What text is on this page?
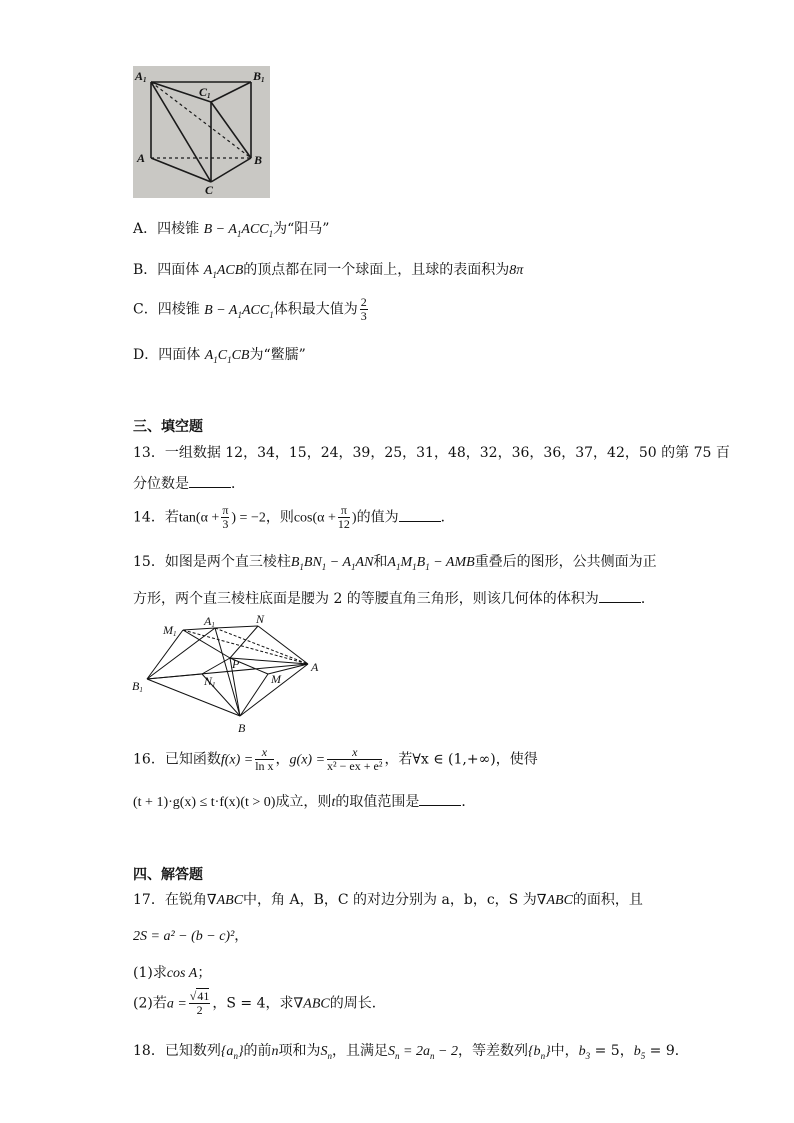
A1	B1
C1
A	B
C
A．四棱锥 $B - A_1ACC_1$为“阳马”
B．四面体 $A_1ACB$的顶点都在同一个球面上，且球的表面积为8π
C．四棱锥 $B - A_1ACC_1$体积最大值为 $\frac{2}{3}$
D．四面体 $A_1C_1CB$为“鳖臑”
三、填空题
13．一组数据 12，34，15，24，39，25，31，48，32，36，36，37，42，50 的第 75 百
分位数是	．
14．若$\tan(\alpha + \frac{\pi}{3}$ ) = −2，则$\cos(\alpha + \frac{\pi}{12}$ )的值为	．
15．如图是两个直三棱柱$B_1BN_1 - A_1AN$和$A_1M_1B_1$ − AMB重叠后的图形，公共侧面为正
方形，两个直三棱柱底面是腰为 2 的等腰直角三角形，则该几何体的体积为	．
M1
A1	N
P	A
M
N1
B1
B
16．已知函数$f(x) = \frac{x}{\text{ln x}}$ ，$g(x) = \frac{x}{\text{x² − ex + e²}}$ ，若∀x ∈ (1,+∞)，使得
(t + 1)·g(x) ≤ t·f(x)(t > 0)成立，则t的取值范围是	．
四、解答题
17．在锐角∇ABC中，角 A，B，C 的对边分别为 a，b，c，S 为∇ABC的面积，且
2S = a² − (b − c)²，
(1)求cos A；
(2)若$a = \frac{√41}{2}$ ，S = 4，求∇ABC的周长．
18．已知数列$\{a_n\}$的前n项和为$S_n$，且满足$S_n = 2a_n - 2$，等差数列$\{b_n\}$中，$b_3 = 5$，$b_5 = 9$．
